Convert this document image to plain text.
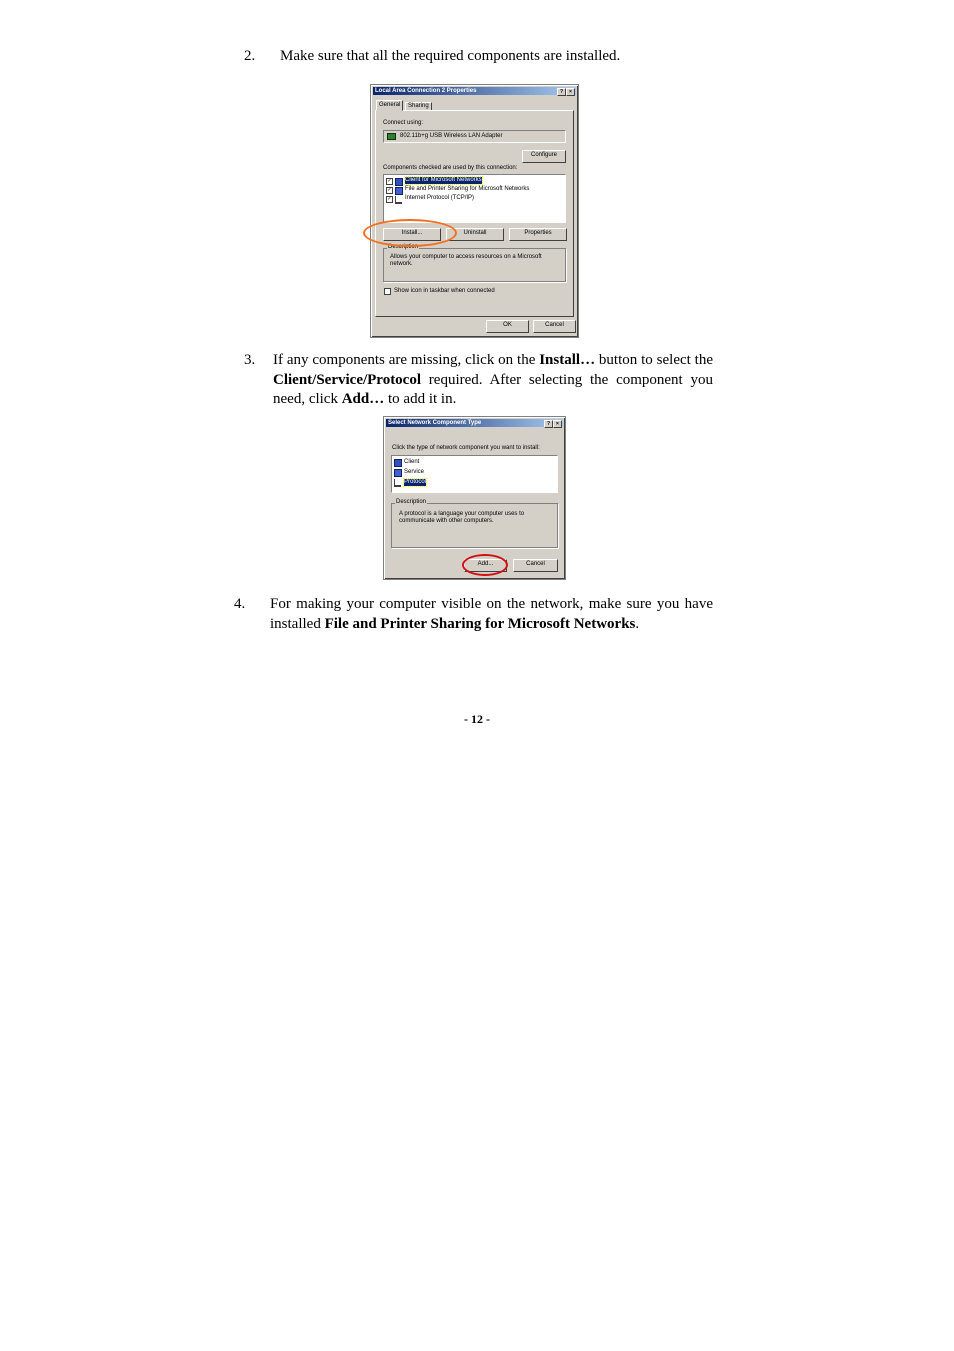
2. Make sure that all the required components are installed.
Local Area Connection 2 Properties	?	×
General	Sharing
Connect using:
802.11b+g USB Wireless LAN Adapter
Configure
Components checked are used by this connection:
✓ Client for Microsoft Networks
✓ File and Printer Sharing for Microsoft Networks
✓ Internet Protocol (TCP/IP)
Install...	Uninstall	Properties
Description
Allows your computer to access resources on a Microsoft network.
Show icon in taskbar when connected
OK	Cancel
3.	If any components are missing, click on the Install… button to select the Client/Service/Protocol required. After selecting the component you need, click Add… to add it in.
Select Network Component Type	?	×
Click the type of network component you want to install:
Client
Service
Protocol
Description
A protocol is a language your computer uses to communicate with other computers.
Add...	Cancel
4.	For making your computer visible on the network, make sure you have installed File and Printer Sharing for Microsoft Networks.
- 12 -
